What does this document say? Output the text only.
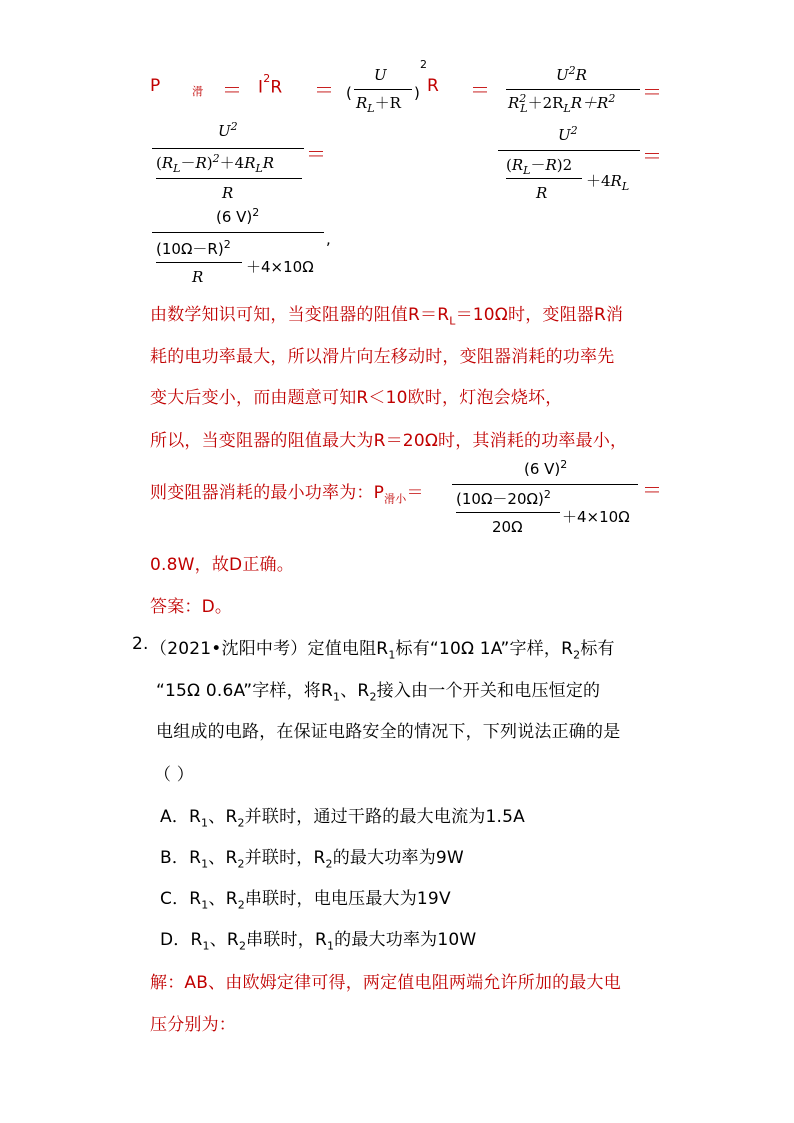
P	$_滑 = I^2R$ ＝ (
U
$R_L+R$
)
2
R ＝
$U^2R$
$R^2_L+2R_LR+R^2$ ＝
$U^2$
$(R_L-R)^2+4R_LR$
R
＝
$U^2$
$(R_L-R)2$
R
$+4R_L$
＝
(6 V)$^2$
$(10\Omega-R)^2$
R
＋4×10Ω
,
由数学知识可知，当变阻器的阻值$R=R_L=10\Omega$时，变阻器R消
耗的电功率最大，所以滑片向左移动时，变阻器消耗的功率先
变大后变小，而由题意可知R＜10欧时，灯泡会烧坏，
所以，当变阻器的阻值最大为R＝20Ω时，其消耗的功率最小，
则变阻器消耗的最小功率为：$P_{滑小}=$
(6 V)$^2$
$(10\Omega-20\Omega)^2$
20Ω
＋4×10Ω
＝
0.8W，故D正确。
答案：D。
2. （2021•沈阳中考）定值电阻$R_1$标有“10Ω 1A”字样，$R_2$标有
“15Ω 0.6A”字样，将$R_1$、$R_2$接入由一个开关和电压恒定的
电组成的电路，在保证电路安全的情况下，下列说法正确的是
（ ）
A．$R_1$、$R_2$并联时，通过干路的最大电流为1.5A
B．$R_1$、$R_2$并联时，$R_2$的最大功率为9W
C．$R_1$、$R_2$串联时，电电压最大为19V
D．$R_1$、$R_2$串联时，$R_1$的最大功率为10W
解：AB、由欧姆定律可得，两定值电阻两端允许所加的最大电
压分别为：
